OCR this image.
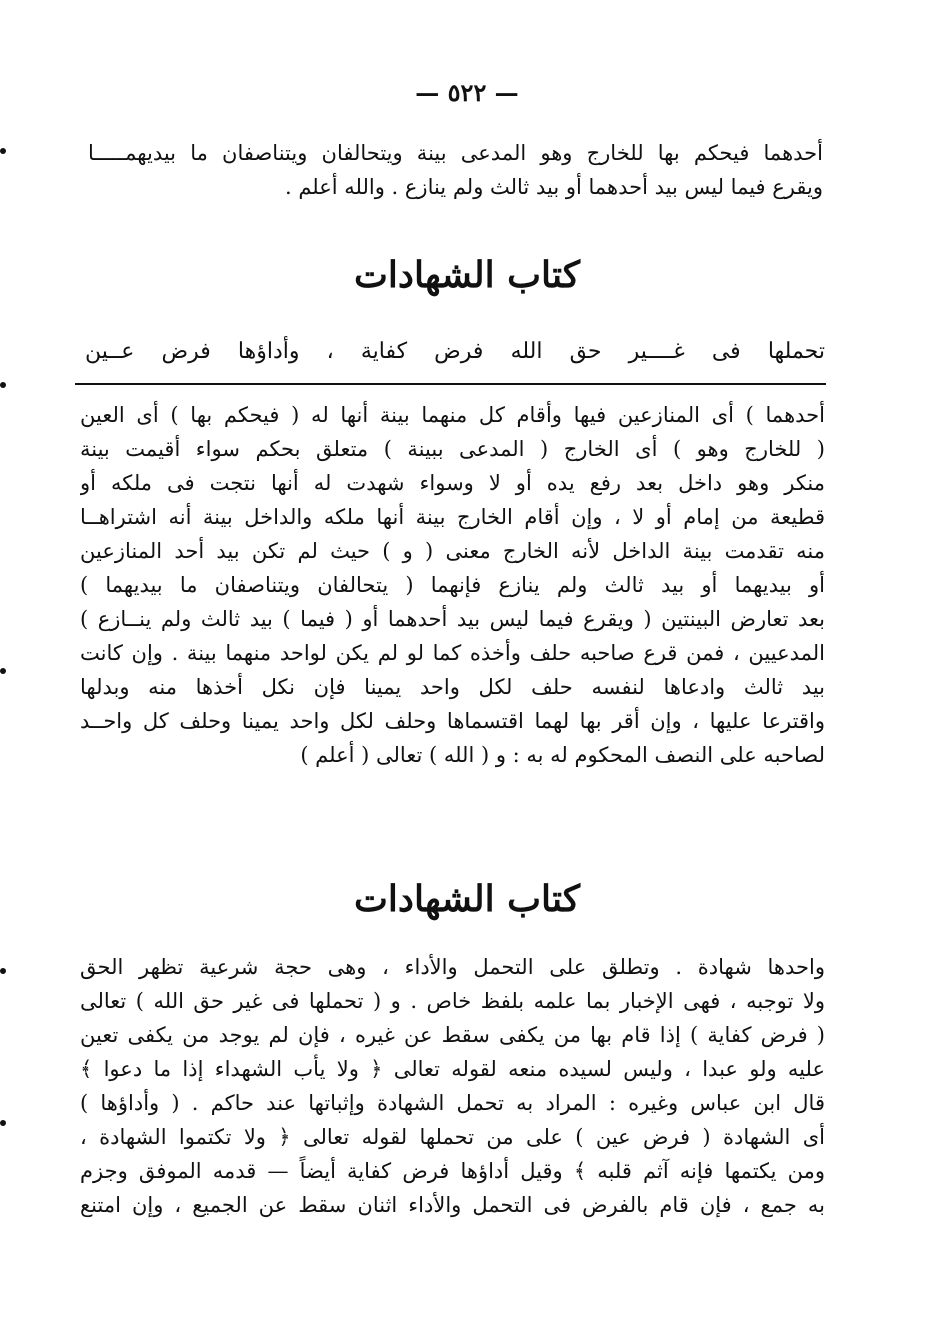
— ٥٢٢ —
أحدهما فيحكم بها للخارج وهو المدعى بينة ويتحالفان ويتناصفان ما بيديهمـــــا
ويقرع فيما ليس بيد أحدهما أو بيد ثالث ولم ينازع . والله أعلم .
كتاب الشهادات
تحملها فى غــــير حق الله فرض كفاية ، وأداؤها فرض عــين
أحدهما ) أى المنازعين فيها وأقام كل منهما بينة أنها له ( فيحكم بها ) أى العين
( للخارج وهو ) أى الخارج ( المدعى ببينة ) متعلق بحكم سواء أقيمت بينة
منكر وهو داخل بعد رفع يده أو لا وسواء شهدت له أنها نتجت فى ملكه أو
قطيعة من إمام أو لا ، وإن أقام الخارج بينة أنها ملكه والداخل بينة أنه اشتراهــا
منه تقدمت بينة الداخل لأنه الخارج معنى ( و ) حيث لم تكن بيد أحد المنازعين
أو بيديهما أو بيد ثالث ولم ينازع فإنهما ( يتحالفان ويتناصفان ما بيديهما )
بعد تعارض البينتين ( ويقرع فيما ليس بيد أحدهما أو ( فيما ) بيد ثالث ولم ينــازع )
المدعيين ، فمن قرع صاحبه حلف وأخذه كما لو لم يكن لواحد منهما بينة . وإن كانت
بيد ثالث وادعاها لنفسه حلف لكل واحد يمينا فإن نكل أخذها منه وبدلها
واقترعا عليها ، وإن أقر بها لهما اقتسماها وحلف لكل واحد يمينا وحلف كل واحــد
لصاحبه على النصف المحكوم له به : و ( الله ) تعالى ( أعلم )
كتاب الشهادات
واحدها شهادة . وتطلق على التحمل والأداء ، وهى حجة شرعية تظهر الحق
ولا توجبه ، فهى الإخبار بما علمه بلفظ خاص . و ( تحملها فى غير حق الله ) تعالى
( فرض كفاية ) إذا قام بها من يكفى سقط عن غيره ، فإن لم يوجد من يكفى تعين
عليه ولو عبدا ، وليس لسيده منعه لقوله تعالى ﴿ ولا يأب الشهداء إذا ما دعوا ﴾
قال ابن عباس وغيره : المراد به تحمل الشهادة وإثباتها عند حاكم . ( وأداؤها )
أى الشهادة ( فرض عين ) على من تحملها لقوله تعالى ﴿ ولا تكتموا الشهادة ،
ومن يكتمها فإنه آثم قلبه ﴾ وقيل أداؤها فرض كفاية أيضاً — قدمه الموفق وجزم
به جمع ، فإن قام بالفرض فى التحمل والأداء اثنان سقط عن الجميع ، وإن امتنع
